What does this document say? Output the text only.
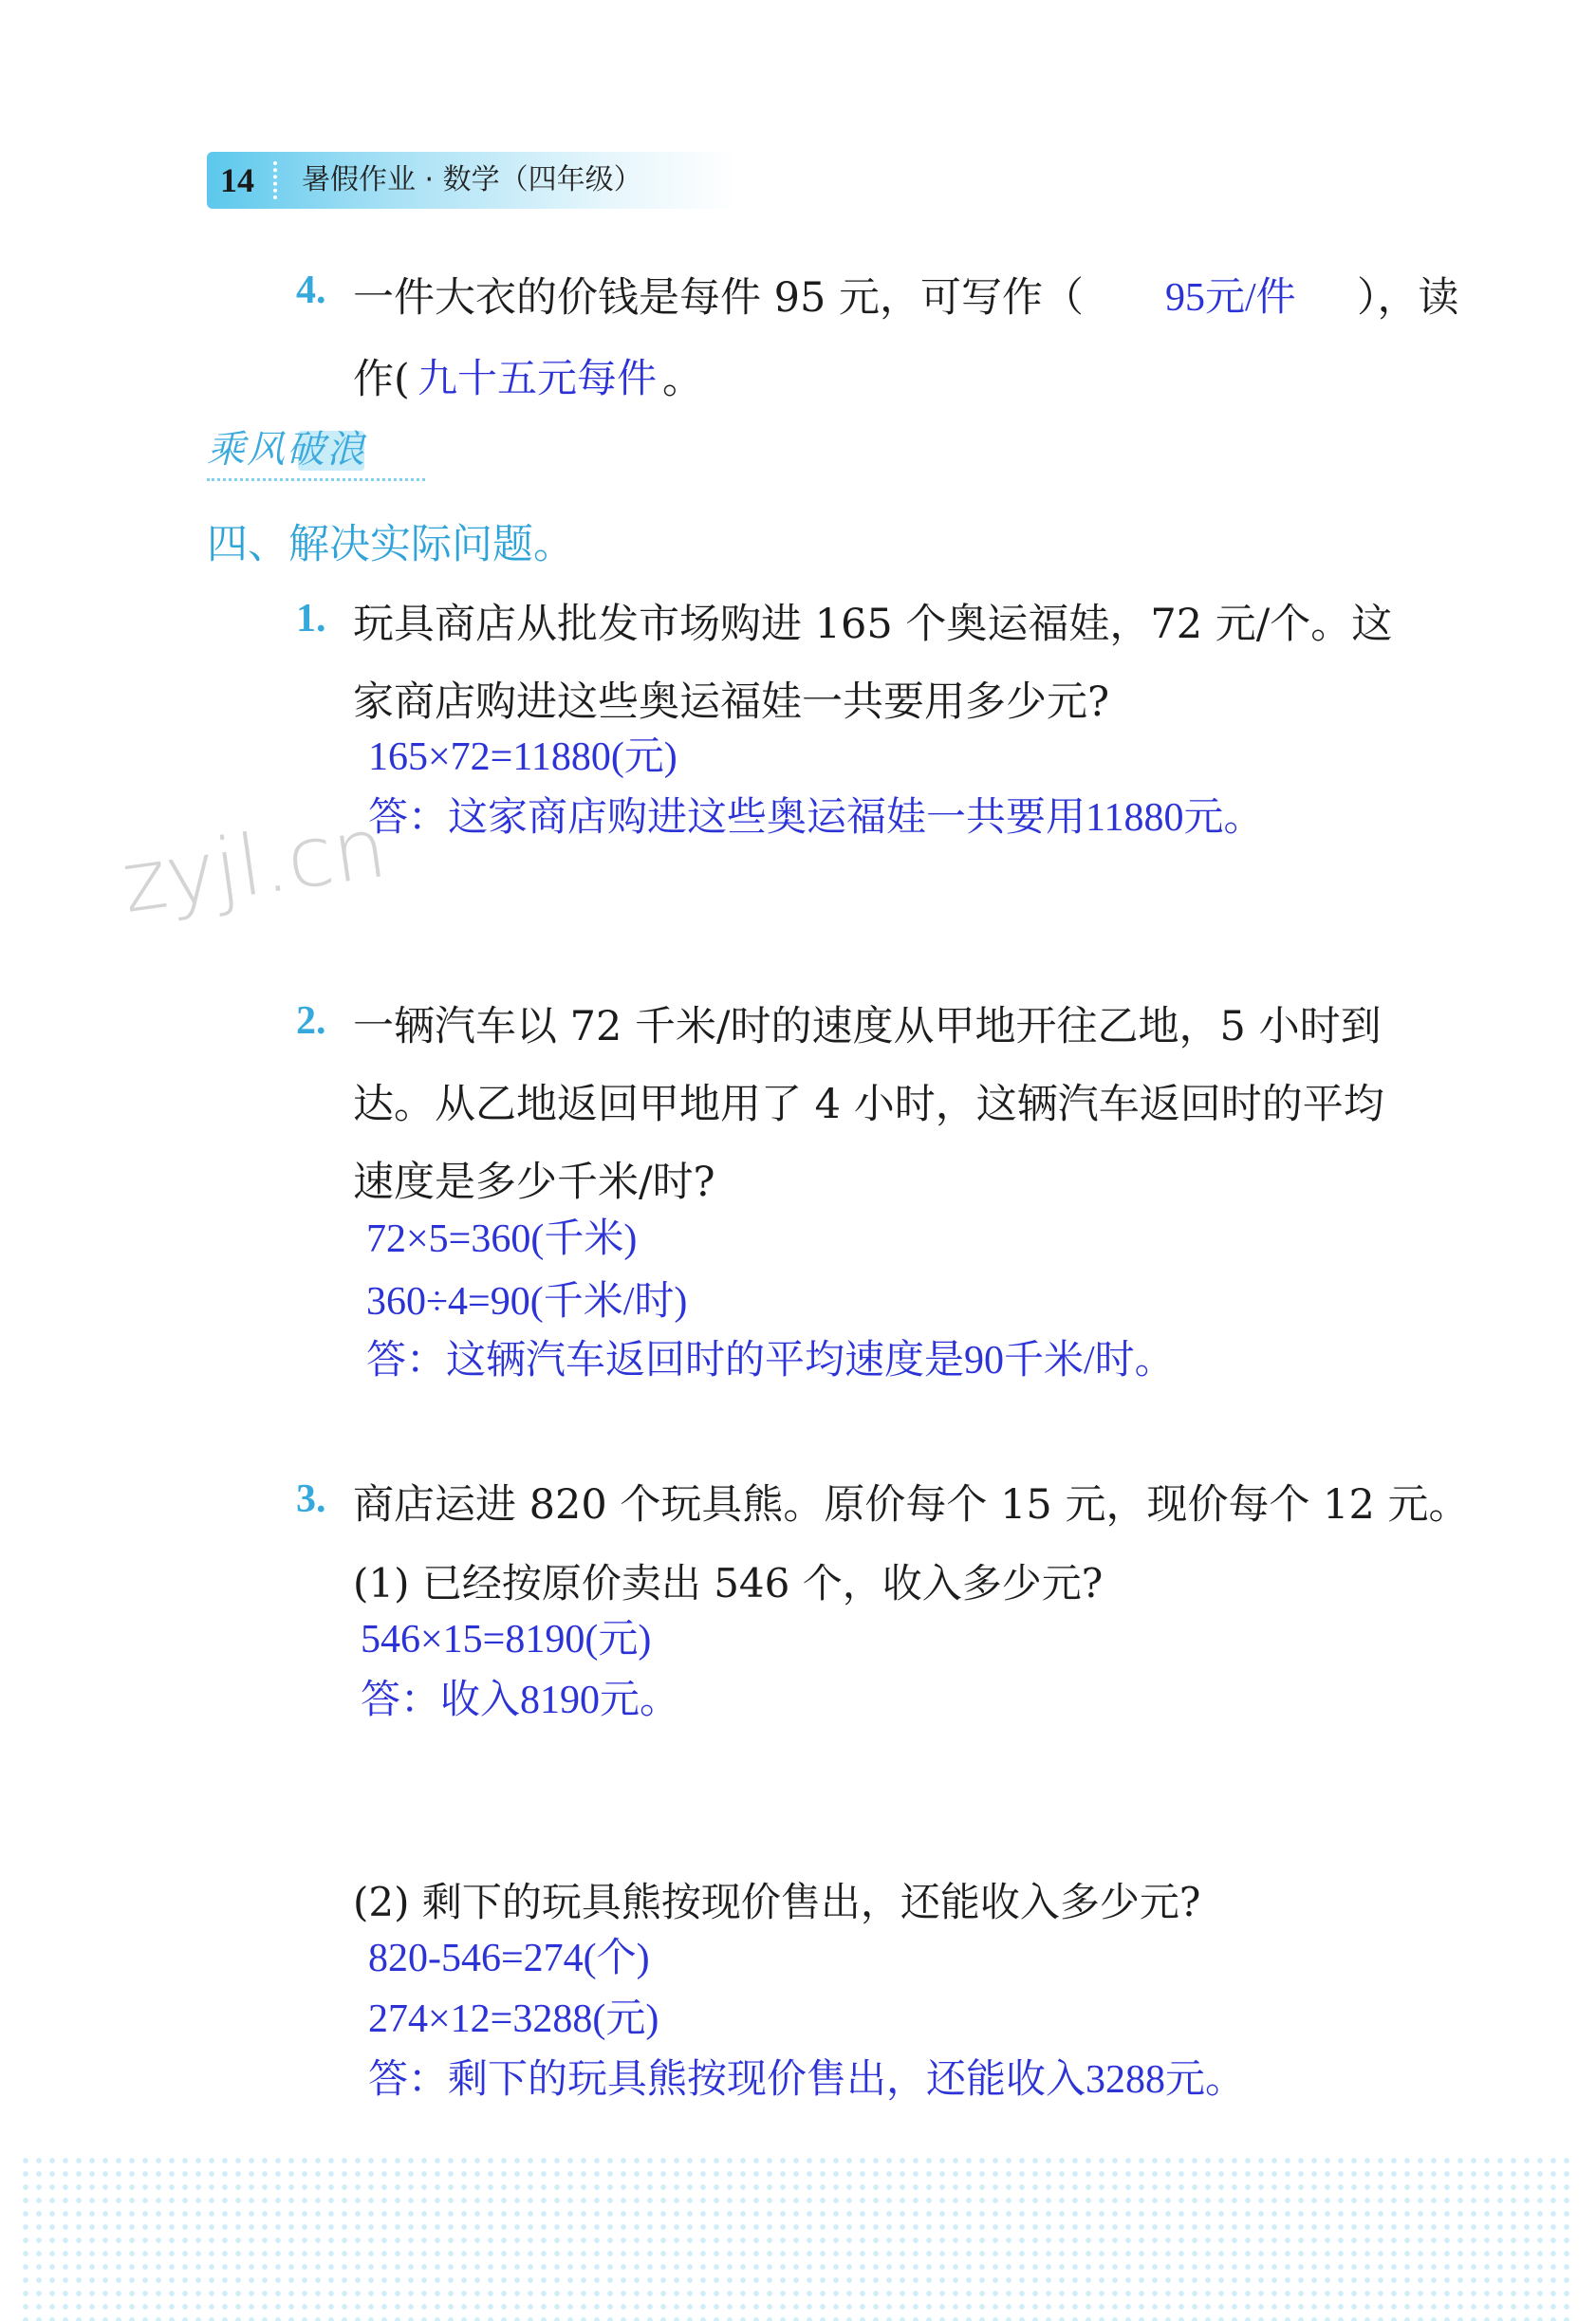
14	暑假作业 · 数学（四年级）
4. 一件大衣的价钱是每件 95 元，可写作（ 95元/件 ），读
作( 九十五元每件 。
乘风破浪
四、解决实际问题。
1. 玩具商店从批发市场购进 165 个奥运福娃，72 元/个。这
家商店购进这些奥运福娃一共要用多少元?
165×72=11880(元)
答：这家商店购进这些奥运福娃一共要用11880元。
zyjl.cn
2. 一辆汽车以 72 千米/时的速度从甲地开往乙地，5 小时到
达。从乙地返回甲地用了 4 小时，这辆汽车返回时的平均
速度是多少千米/时?
72×5=360(千米)
360÷4=90(千米/时)
答：这辆汽车返回时的平均速度是90千米/时。
3. 商店运进 820 个玩具熊。原价每个 15 元，现价每个 12 元。
(1) 已经按原价卖出 546 个，收入多少元?
546×15=8190(元)
答：收入8190元。
(2) 剩下的玩具熊按现价售出，还能收入多少元?
820-546=274(个)
274×12=3288(元)
答：剩下的玩具熊按现价售出，还能收入3288元。
